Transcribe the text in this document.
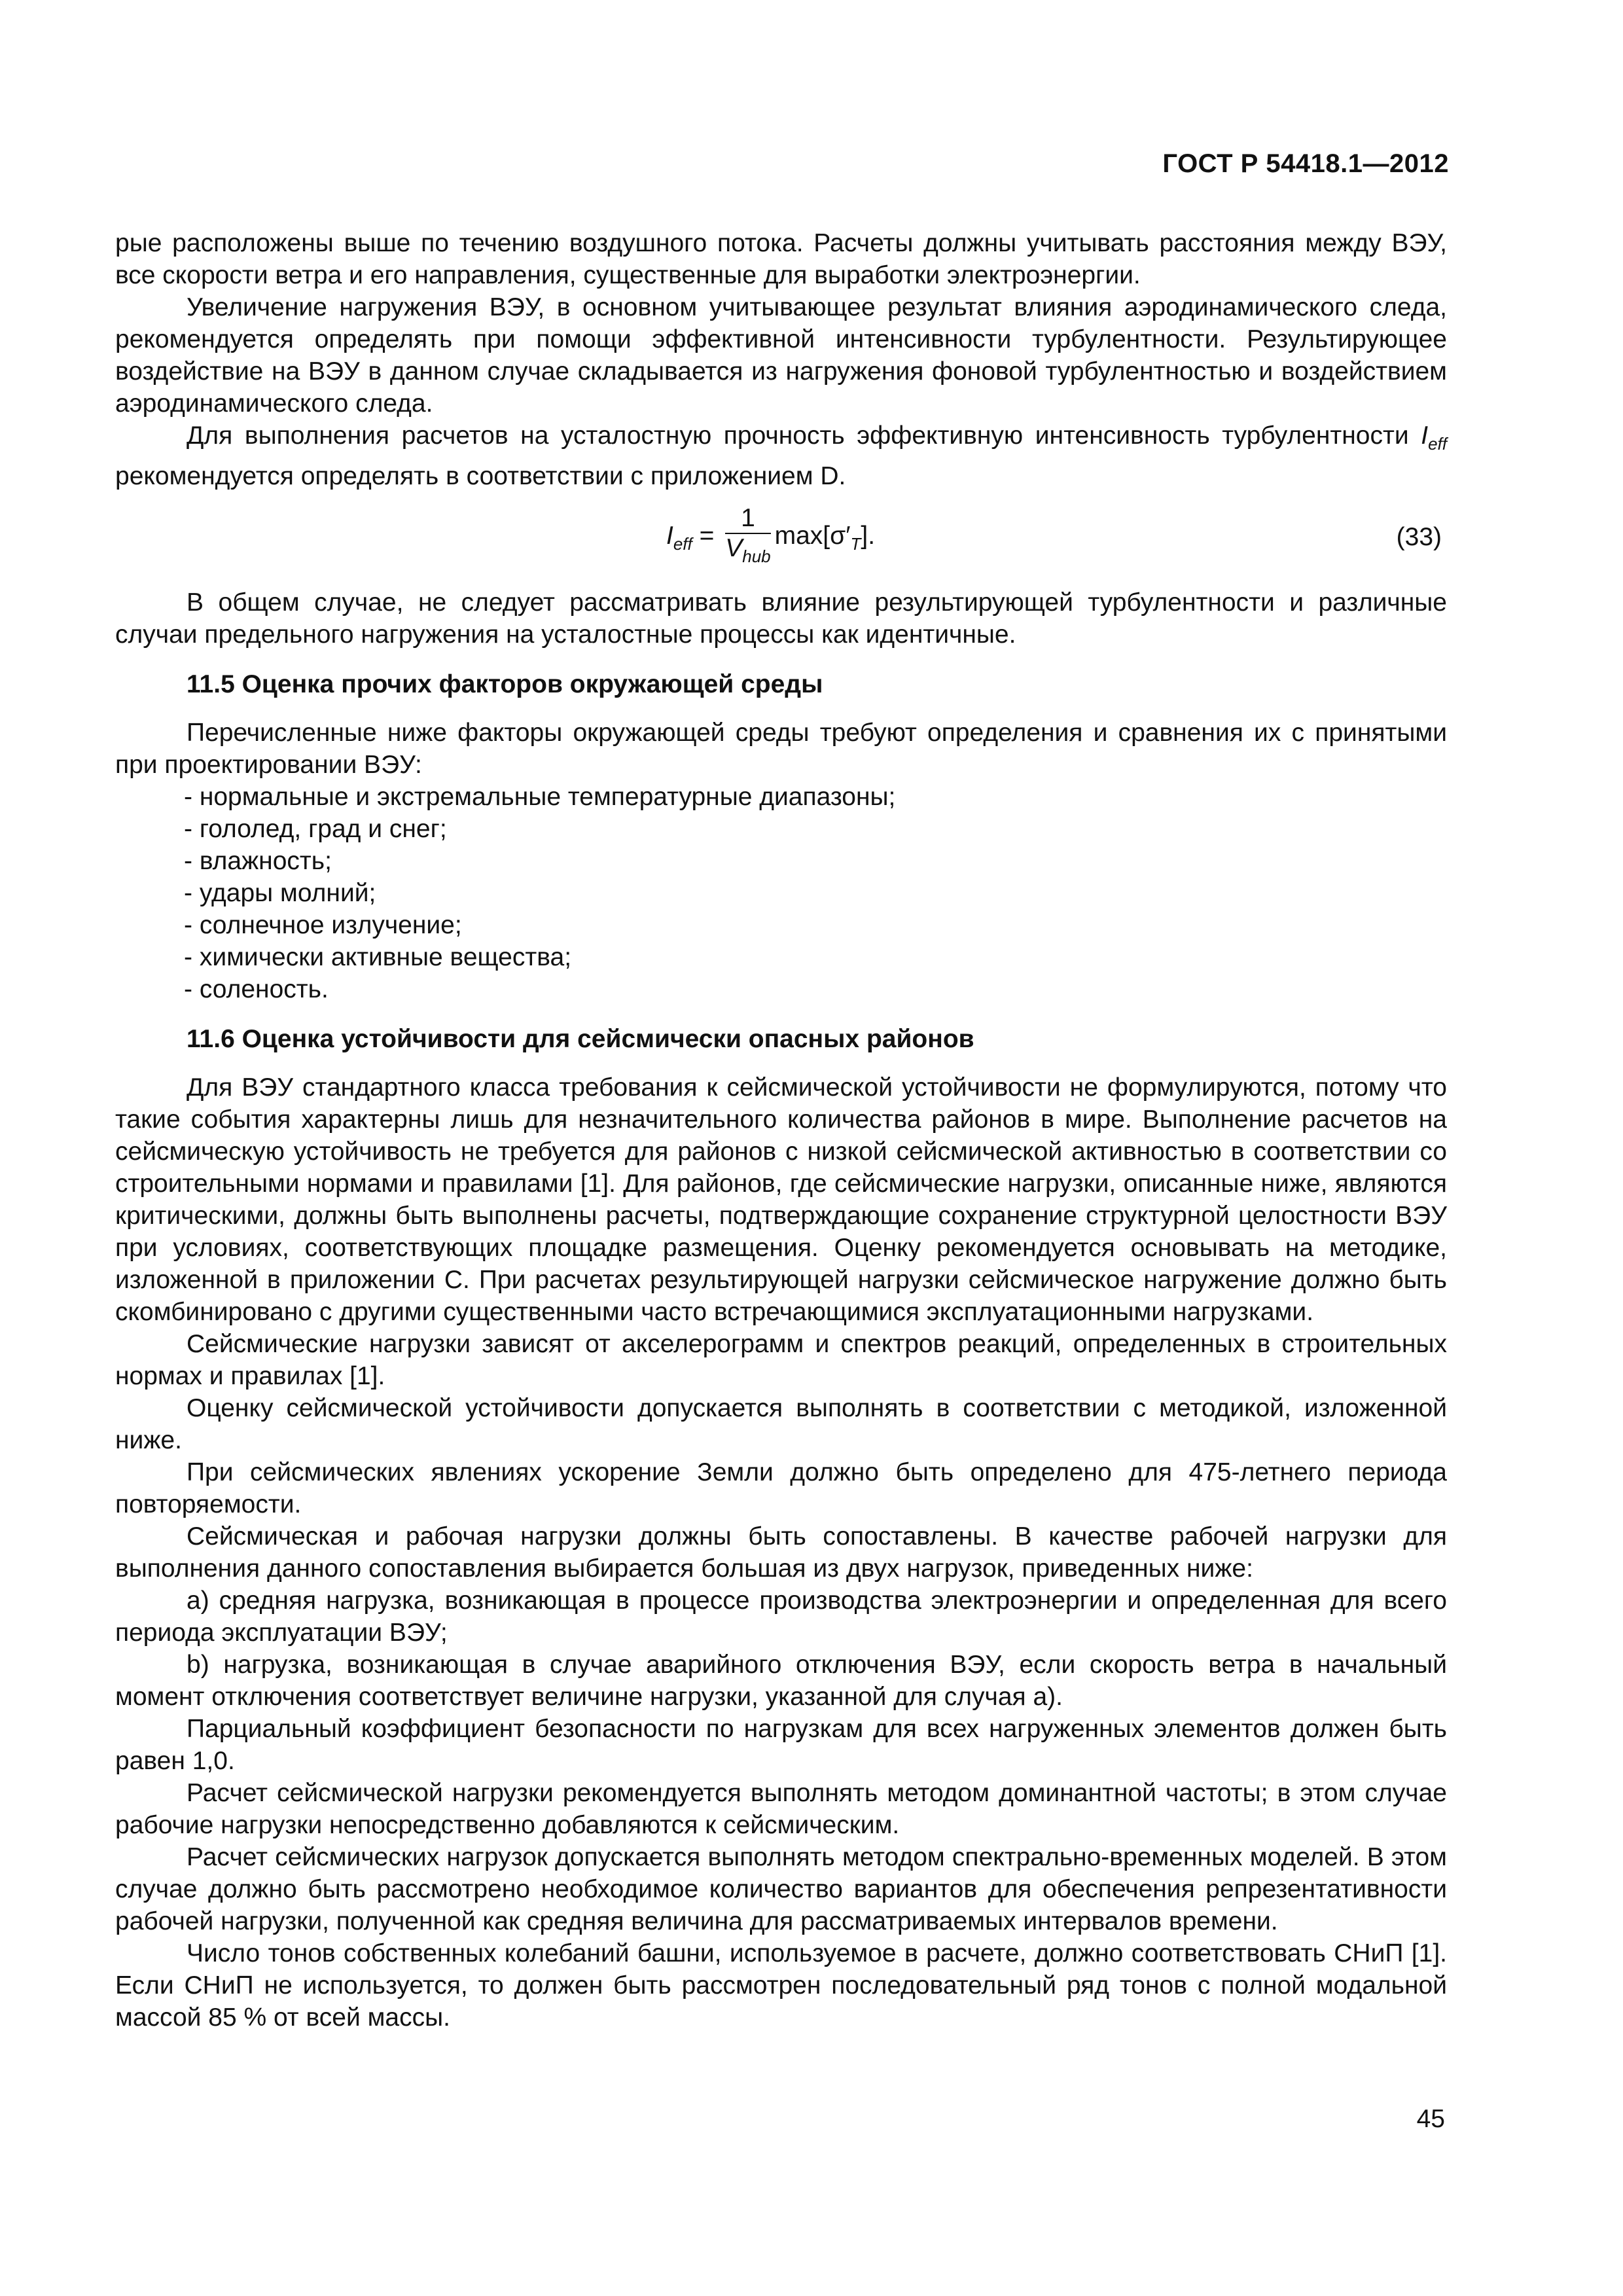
ГОСТ Р 54418.1—2012

рые расположены выше по течению воздушного потока. Расчеты должны учитывать расстояния между ВЭУ, все скорости ветра и его направления, существенные для выработки электроэнергии.

Увеличение нагружения ВЭУ, в основном учитывающее результат влияния аэродинамического следа, рекомендуется определять при помощи эффективной интенсивности турбулентности. Результирующее воздействие на ВЭУ в данном случае складывается из нагружения фоновой турбулентностью и воздействием аэродинамического следа.

Для выполнения расчетов на усталостную прочность эффективную интенсивность турбулентности $I_{eff}$ рекомендуется определять в соответствии с приложением D.

$I_{eff} = \frac{1}{V_{hub}} \max[\sigma'_T]$.	(33)

В общем случае, не следует рассматривать влияние результирующей турбулентности и различные случаи предельного нагружения на усталостные процессы как идентичные.

11.5 Оценка прочих факторов окружающей среды

Перечисленные ниже факторы окружающей среды требуют определения и сравнения их с принятыми при проектировании ВЭУ:

- нормальные и экстремальные температурные диапазоны;

- гололед, град и снег;

- влажность;

- удары молний;

- солнечное излучение;

- химически активные вещества;

- соленость.

11.6 Оценка устойчивости для сейсмически опасных районов

Для ВЭУ стандартного класса требования к сейсмической устойчивости не формулируются, потому что такие события характерны лишь для незначительного количества районов в мире. Выполнение расчетов на сейсмическую устойчивость не требуется для районов с низкой сейсмической активностью в соответствии со строительными нормами и правилами [1]. Для районов, где сейсмические нагрузки, описанные ниже, являются критическими, должны быть выполнены расчеты, подтверждающие сохранение структурной целостности ВЭУ при условиях, соответствующих площадке размещения. Оценку рекомендуется основывать на методике, изложенной в приложении С. При расчетах результирующей нагрузки сейсмическое нагружение должно быть скомбинировано с другими существенными часто встречающимися эксплуатационными нагрузками.

Сейсмические нагрузки зависят от акселерограмм и спектров реакций, определенных в строительных нормах и правилах [1].

Оценку сейсмической устойчивости допускается выполнять в соответствии с методикой, изложенной ниже.

При сейсмических явлениях ускорение Земли должно быть определено для 475-летнего периода повторяемости.

Сейсмическая и рабочая нагрузки должны быть сопоставлены. В качестве рабочей нагрузки для выполнения данного сопоставления выбирается большая из двух нагрузок, приведенных ниже:

a) средняя нагрузка, возникающая в процессе производства электроэнергии и определенная для всего периода эксплуатации ВЭУ;

b) нагрузка, возникающая в случае аварийного отключения ВЭУ, если скорость ветра в начальный момент отключения соответствует величине нагрузки, указанной для случая а).

Парциальный коэффициент безопасности по нагрузкам для всех нагруженных элементов должен быть равен 1,0.

Расчет сейсмической нагрузки рекомендуется выполнять методом доминантной частоты; в этом случае рабочие нагрузки непосредственно добавляются к сейсмическим.

Расчет сейсмических нагрузок допускается выполнять методом спектрально-временных моделей. В этом случае должно быть рассмотрено необходимое количество вариантов для обеспечения репрезентативности рабочей нагрузки, полученной как средняя величина для рассматриваемых интервалов времени.

Число тонов собственных колебаний башни, используемое в расчете, должно соответствовать СНиП [1]. Если СНиП не используется, то должен быть рассмотрен последовательный ряд тонов с полной модальной массой 85 % от всей массы.

45
